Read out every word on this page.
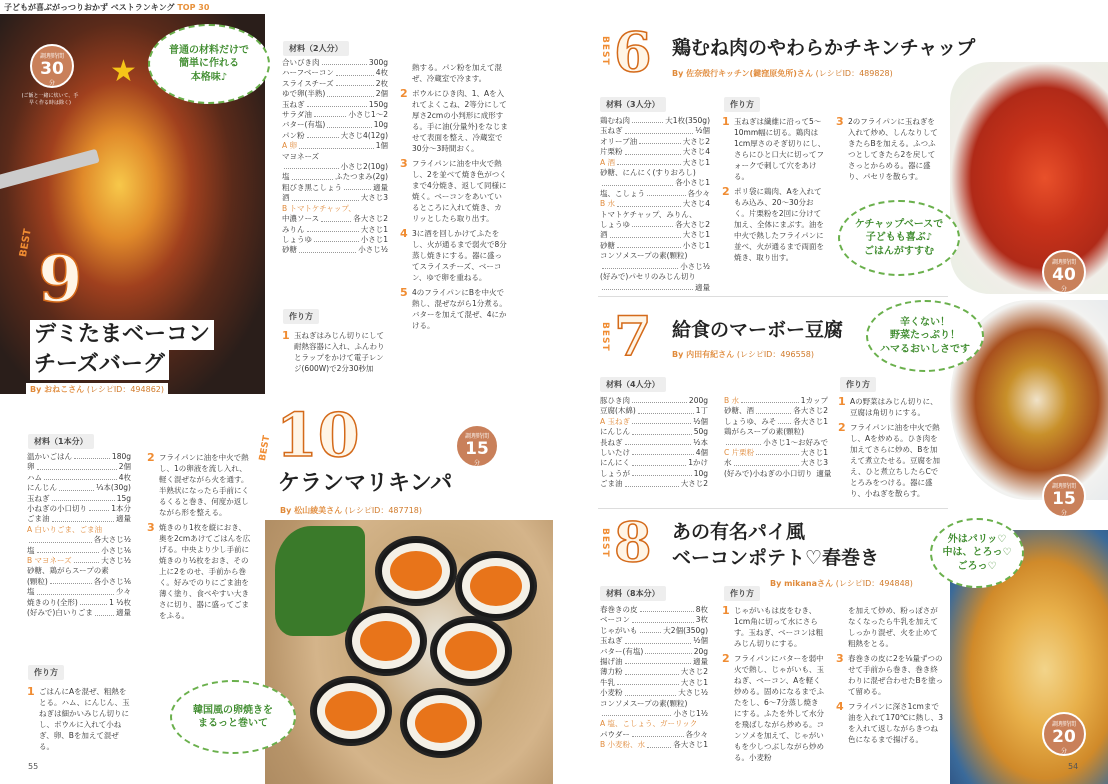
子どもが喜ぶがっつりおかず ベストランキング TOP 30
★
調理時間
30
分
(ご飯と一緒に炊いて、手早く作る時は除く)
普通の材料だけで
簡単に作れる
本格味♪
BEST 9
デミたまベーコン
チーズバーグ
By おねこさん (レシピID：494862)
材料（2人分）
合いびき肉	300g
ハーフベーコン	4枚
スライスチーズ	2枚
ゆで卵(半熟)	2個
玉ねぎ	150g
サラダ油	小さじ1〜2
バター(有塩)	10g
パン粉	大さじ4(12g)
A 卵	1個
マヨネーズ
小さじ2(10g)
塩	ふたつまみ(2g)
粗びき黒こしょう	適量
酒	大さじ3
B トマトケチャップ、
中濃ソース	各大さじ2
みりん	大さじ1
しょうゆ	小さじ1
砂糖	小さじ½
作り方
1 玉ねぎはみじん切りにして耐熱容器に入れ、ふんわりとラップをかけて電子レンジ(600W)で2分30秒加
熱する。パン粉を加えて混ぜ、冷蔵室で冷ます。
2 ボウルにひき肉、1、Aを入れてよくこね、2等分にして厚さ2cmの小判形に成形する。手に油(分量外)をなじませて表面を整え、冷蔵室で30分〜3時間おく。
3 フライパンに油を中火で熱し、2を並べて焼き色がつくまで4分焼き、返して同様に焼く。ベーコンをあいているところに入れて焼き、カリッとしたら取り出す。
4 3に酒を回しかけてふたをし、火が通るまで弱火で8分蒸し焼きにする。器に盛ってスライスチーズ、ベーコン、ゆで卵を重ねる。
5 4のフライパンにBを中火で熱し、混ぜながら1分煮る。バターを加えて混ぜ、4にかける。
BEST 10	調理時間
15
分
ケランマリキンパ
By 松山綾美さん (レシピID：487718)
韓国風の卵焼きを
まるっと巻いて
材料（1本分）
温かいごはん	180g
卵	2個
ハム	4枚
にんじん	⅓本(30g)
玉ねぎ	15g
小ねぎの小口切り	1本分
ごま油	適量
A 白いりごま、ごま油
各大さじ½
塩	小さじ⅙
B マヨネーズ	大さじ½
砂糖、鶏がらスープの素
(顆粒)	各小さじ⅙
塩	少々
焼きのり(全形)	1 ½枚
(好みで)白いりごま	適量
作り方
1 ごはんにAを混ぜ、粗熱をとる。ハム、にんじん、玉ねぎは細かいみじん切りにし、ボウルに入れて小ねぎ、卵、Bを加えて混ぜる。
2 フライパンに油を中火で熱し、1の卵液を流し入れ、軽く混ぜながら火を通す。半熟状になったら手前にくるくると巻き、何度か返しながら形を整える。
3 焼きのり1枚を縦におき、奥を2cmあけてごはんを広げる。中央より少し手前に焼きのり½枚をおき、その上に2をのせ、手前から巻く。好みでのりにごま油を薄く塗り、食べやすい大きさに切り、器に盛ってごまをふる。
55
BEST 6 鶏むね肉のやわらかチキンチャップ
By 佐奈殻行キッチン(鍵窪原免所)さん (レシピID：489828)
調理時間
40
分
ケチャップベースで
子どもも喜ぶ♪
ごはんがすすむ
材料（3人分）
鶏むね肉	大1枚(350g)
玉ねぎ	½個
オリーブ油	大さじ2
片栗粉	大さじ4
A 酒	大さじ1
砂糖、にんにく(すりおろし)
各小さじ1
塩、こしょう	各少々
B 水	大さじ4
トマトケチャップ、みりん、
しょうゆ	各大さじ2
酒	大さじ1
砂糖	小さじ1
コンソメスープの素(顆粒)
小さじ½
(好みで)パセリのみじん切り
適量
作り方
1 玉ねぎは繊維に沿って5〜10mm幅に切る。鶏肉は1cm厚さのそぎ切りにし、さらにひと口大に切ってフォークで刺して穴をあける。
2 ポリ袋に鶏肉、Aを入れてもみ込み、20〜30分おく。片栗粉を2回に分けて加え、全体にまぶす。油を中火で熱したフライパンに並べ、火が通るまで両面を焼き、取り出す。
3 2のフライパンに玉ねぎを入れて炒め、しんなりしてきたらBを加える。ふつふつとしてきたら2を戻してさっとからめる。器に盛り、パセリを散らす。
BEST 7 給食のマーボー豆腐
By 内田有紀さん (レシピID：496558)
調理時間
15
分
辛くない！
野菜たっぷり！
ハマるおいしさです
材料（4人分）
豚ひき肉	200g
豆腐(木綿)	1丁
A 玉ねぎ	½個
にんじん	50g
長ねぎ	½本
しいたけ	4個
にんにく	1かけ
しょうが	10g
ごま油	大さじ2
B 水	1カップ
砂糖、酒	各大さじ2
しょうゆ、みそ 各大さじ1
鶏がらスープの素(顆粒)
小さじ1〜お好みで
C 片栗粉	大さじ1
水	大さじ3
(好みで)小ねぎの小口切り 適量
作り方
1 Aの野菜はみじん切りに、豆腐は角切りにする。
2 フライパンに油を中火で熱し、Aを炒める。ひき肉を加えてさらに炒め、Bを加えて煮立たせる。豆腐を加え、ひと煮立ちしたらCでとろみをつける。器に盛り、小ねぎを散らす。
BEST 8 あの有名パイ風
ベーコンポテト♡春巻き
By mikanaさん (レシピID：494848)
調理時間
20
分
外はパリッ♡
中は、とろっ♡
ごろっ♡
材料（8本分）
春巻きの皮	8枚
ベーコン	3枚
じゃがいも	大2個(350g)
玉ねぎ	½個
バター(有塩)	20g
揚げ油	適量
薄力粉	大さじ2
牛乳	大さじ1
小麦粉	大さじ½
コンソメスープの素(顆粒)
小さじ1½
A 塩、こしょう、ガーリック
パウダー	各少々
B 小麦粉、水	各大さじ1
作り方
1 じゃがいもは皮をむき、1cm角に切って水にさらす。玉ねぎ、ベーコンは粗みじん切りにする。
2 フライパンにバターを弱中火で熱し、じゃがいも、玉ねぎ、ベーコン、Aを軽く炒める。固めになるまでふたをし、6〜7分蒸し焼きにする。ふたを外して水分を飛ばしながら炒める。コンソメを加えて、じゃがいもを少しつぶしながら炒める。小麦粉
を加えて炒め、粉っぽさがなくなったら牛乳を加えてしっかり混ぜ、火を止めて粗熱をとる。
3 春巻きの皮に2を⅛量ずつのせて手前から巻き、巻き終わりに混ぜ合わせたBを塗って留める。
4 フライパンに深さ1cmまで油を入れて170℃に熱し、3を入れて返しながらきつね色になるまで揚げる。
54
